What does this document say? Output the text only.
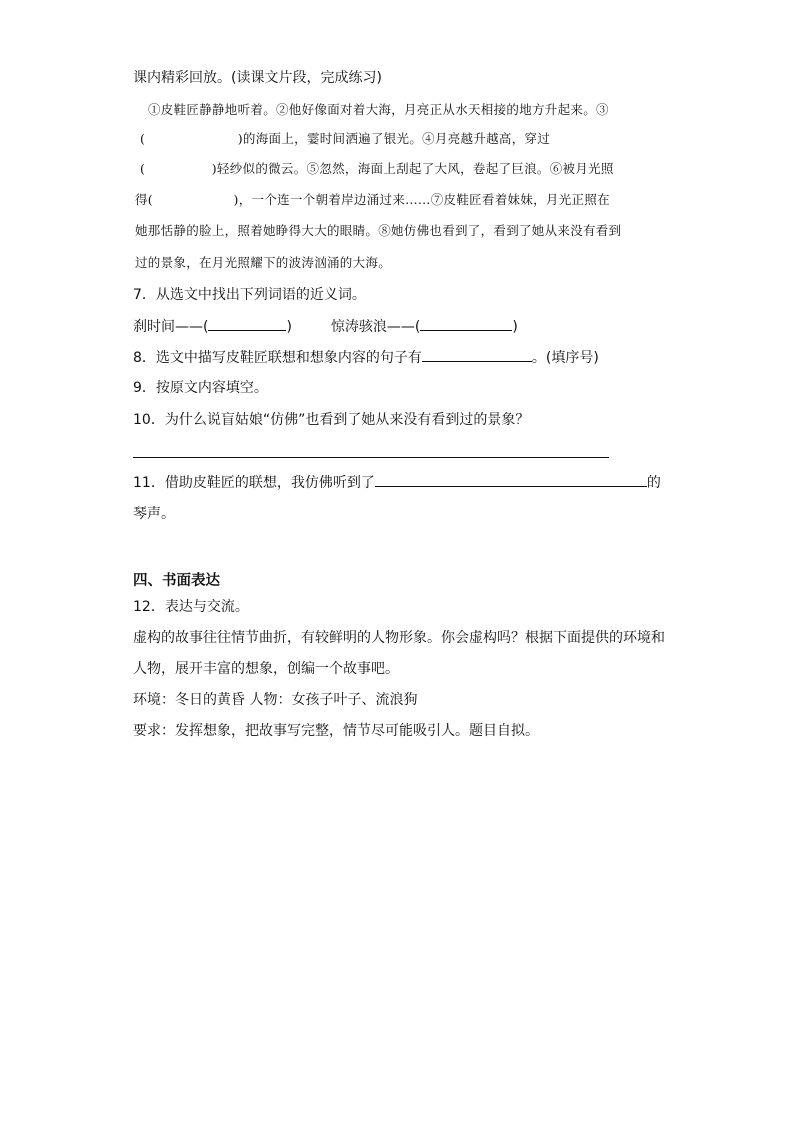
课内精彩回放。(读课文片段，完成练习)
①皮鞋匠静静地听着。②他好像面对着大海，月亮正从水天相接的地方升起来。③
(	)的海面上，霎时间洒遍了银光。④月亮越升越高，穿过
(	)轻纱似的微云。⑤忽然，海面上刮起了大风，卷起了巨浪。⑥被月光照
得(	)，一个连一个朝着岸边涌过来……⑦皮鞋匠看着妹妹，月光正照在
她那恬静的脸上，照着她睁得大大的眼睛。⑧她仿佛也看到了，看到了她从来没有看到
过的景象，在月光照耀下的波涛汹涌的大海。
7．从选文中找出下列词语的近义词。
刹时间——(	)	惊涛骇浪——(	)
8．选文中描写皮鞋匠联想和想象内容的句子有	。(填序号)
9．按原文内容填空。
10．为什么说盲姑娘“仿佛”也看到了她从来没有看到过的景象？
11．借助皮鞋匠的联想，我仿佛听到了	的
琴声。
四、书面表达
12．表达与交流。
虚构的故事往往情节曲折，有较鲜明的人物形象。你会虚构吗？根据下面提供的环境和
人物，展开丰富的想象，创编一个故事吧。
环境：冬日的黄昏 人物：女孩子叶子、流浪狗
要求：发挥想象，把故事写完整，情节尽可能吸引人。题目自拟。
